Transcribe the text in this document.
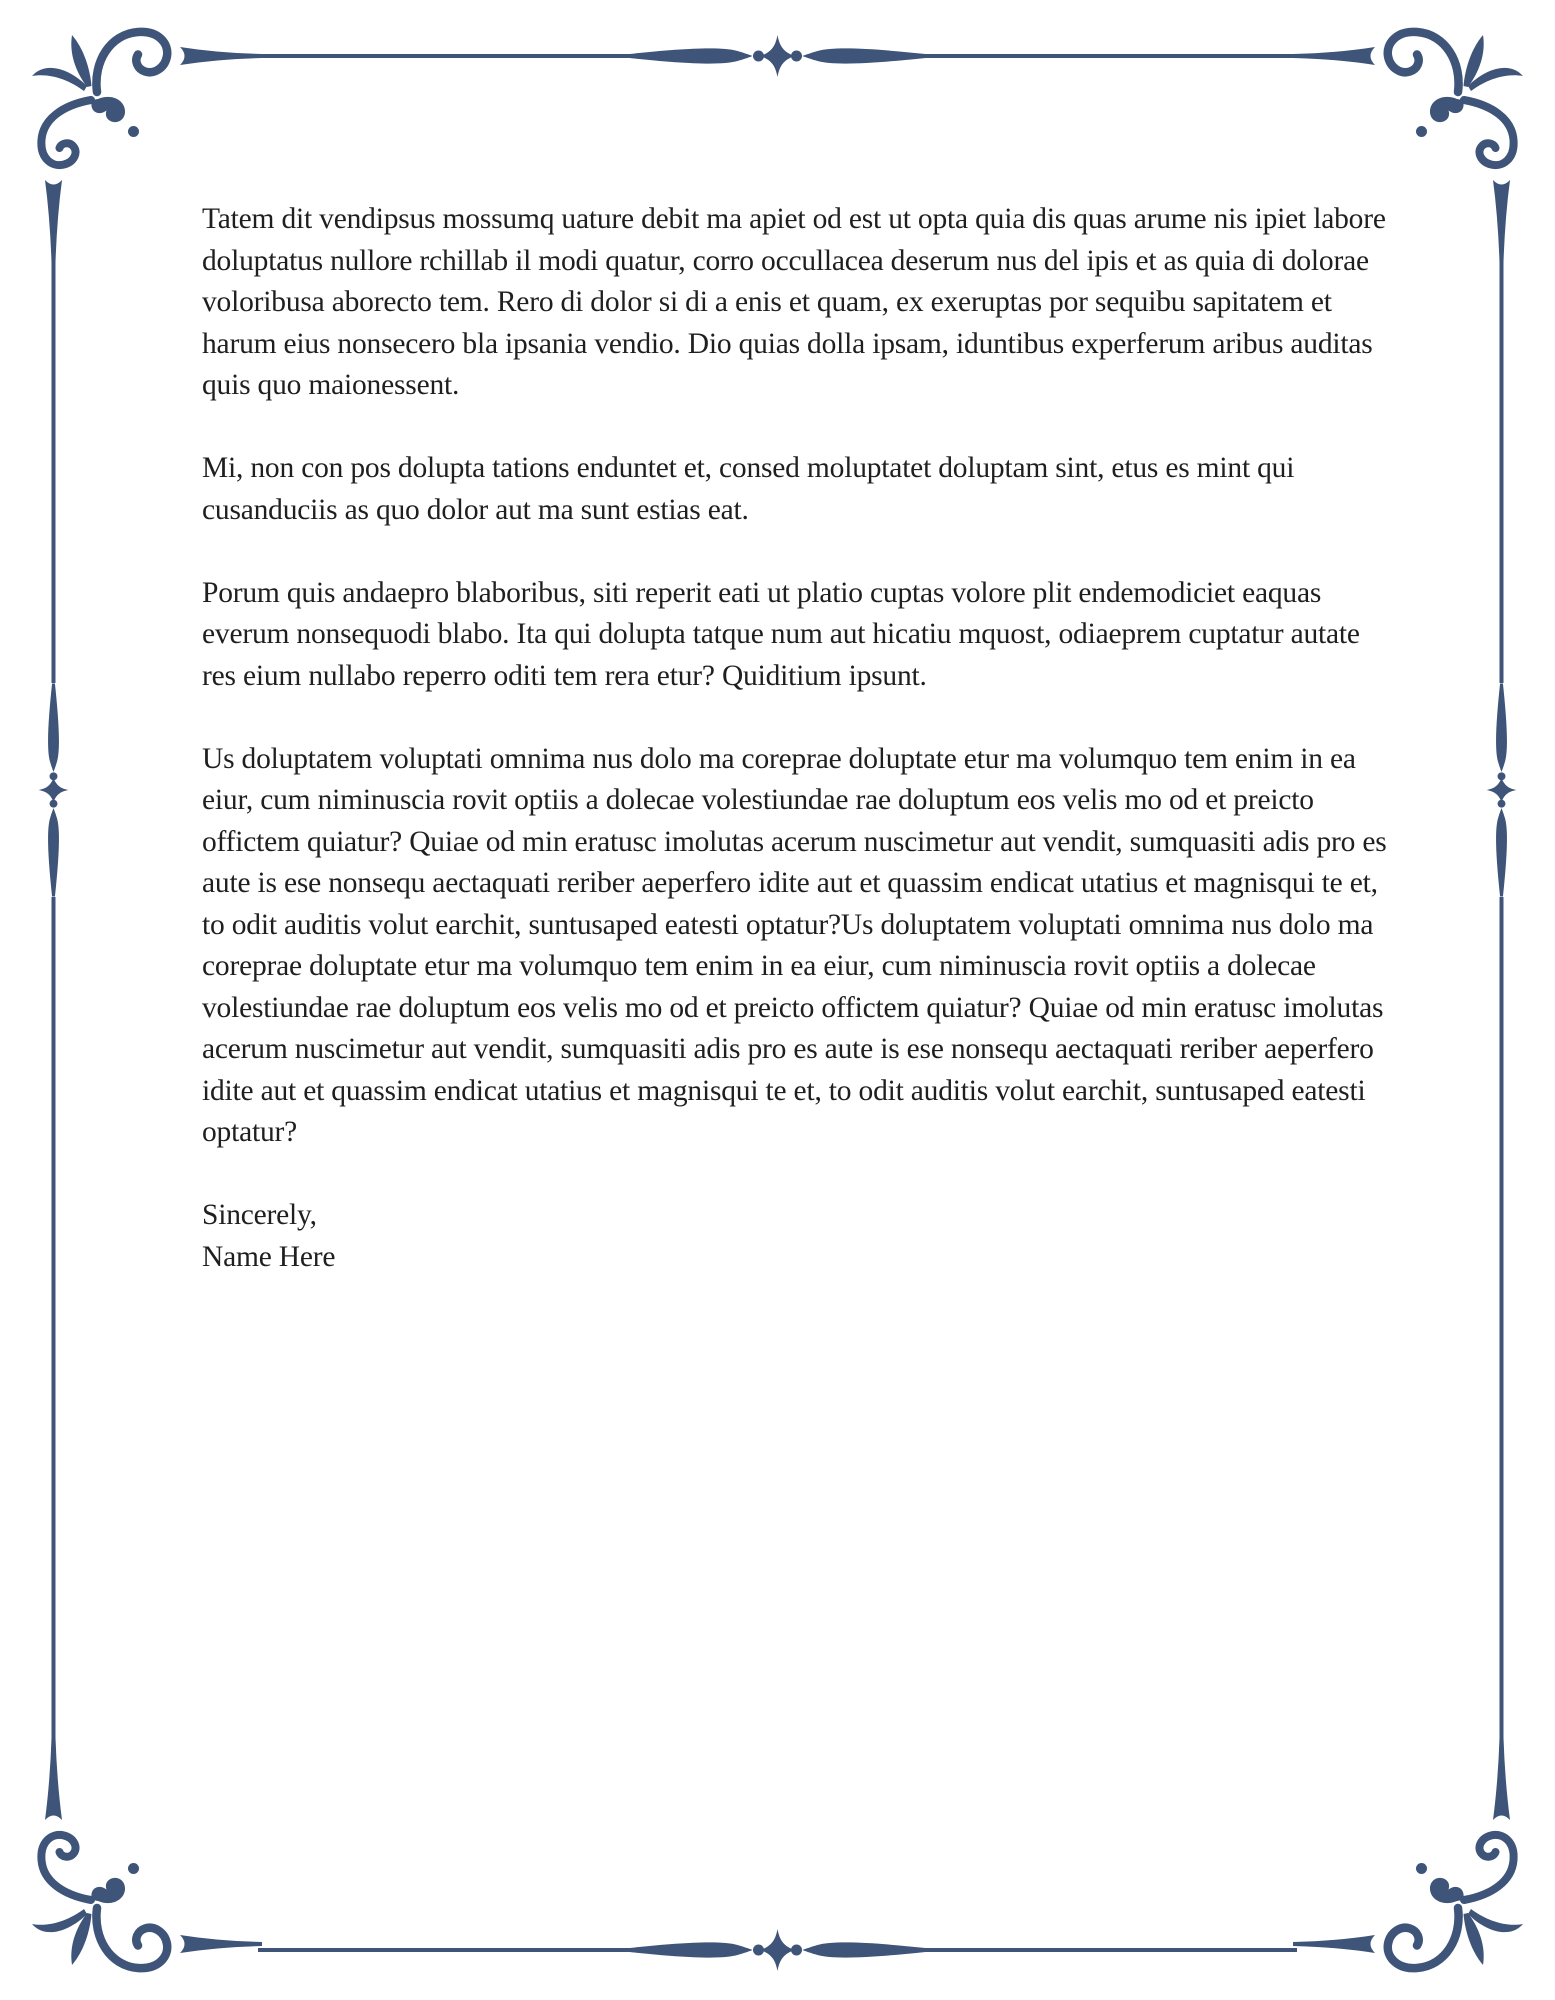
Tatem dit vendipsus mossumq uature debit ma apiet od est ut opta quia dis quas arume nis ipiet labore doluptatus nullore rchillab il modi quatur, corro occullacea deserum nus del ipis et as quia di dolorae voloribusa aborecto tem. Rero di dolor si di a enis et quam, ex exeruptas por sequibu sapitatem et harum eius nonsecero bla ipsania vendio. Dio quias dolla ipsam, iduntibus experferum aribus auditas quis quo maionessent.

Mi, non con pos dolupta tations enduntet et, consed moluptatet doluptam sint, etus es mint qui cusanduciis as quo dolor aut ma sunt estias eat.

Porum quis andaepro blaboribus, siti reperit eati ut platio cuptas volore plit endemodiciet eaquas everum nonsequodi blabo. Ita qui dolupta tatque num aut hicatiu mquost, odiaeprem cuptatur autate res eium nullabo reperro oditi tem rera etur? Quiditium ipsunt.

Us doluptatem voluptati omnima nus dolo ma coreprae doluptate etur ma volumquo tem enim in ea eiur, cum niminuscia rovit optiis a dolecae volestiundae rae doluptum eos velis mo od et preicto offictem quiatur? Quiae od min eratusc imolutas acerum nuscimetur aut vendit, sumquasiti adis pro es aute is ese nonsequ aectaquati reriber aeperfero idite aut et quassim endicat utatius et magnisqui te et, to odit auditis volut earchit, suntusaped eatesti optatur?Us doluptatem voluptati omnima nus dolo ma coreprae doluptate etur ma volumquo tem enim in ea eiur, cum niminuscia rovit optiis a dolecae volestiundae rae doluptum eos velis mo od et preicto offictem quiatur? Quiae od min eratusc imolutas acerum nuscimetur aut vendit, sumquasiti adis pro es aute is ese nonsequ aectaquati reriber aeperfero idite aut et quassim endicat utatius et magnisqui te et, to odit auditis volut earchit, suntusaped eatesti optatur?

Sincerely,
Name Here
